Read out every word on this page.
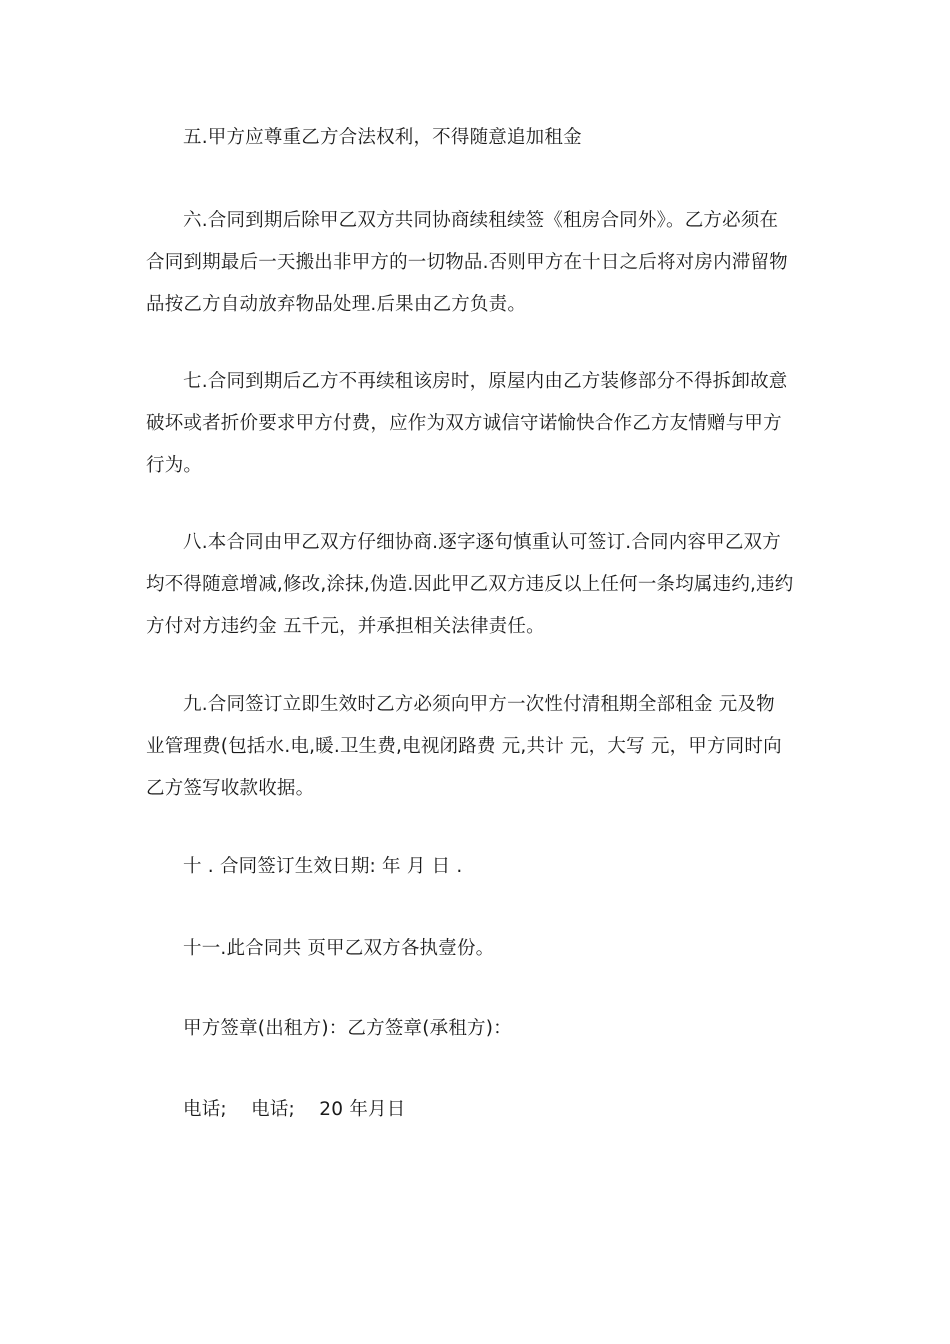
五.甲方应尊重乙方合法权利，不得随意追加租金

六.合同到期后除甲乙双方共同协商续租续签《租房合同外》。乙方必须在
合同到期最后一天搬出非甲方的一切物品.否则甲方在十日之后将对房内滞留物
品按乙方自动放弃物品处理.后果由乙方负责。

七.合同到期后乙方不再续租该房时，原屋内由乙方装修部分不得拆卸故意
破坏或者折价要求甲方付费，应作为双方诚信守诺愉快合作乙方友情赠与甲方
行为。

八.本合同由甲乙双方仔细协商.逐字逐句慎重认可签订.合同内容甲乙双方
均不得随意增减,修改,涂抹,伪造.因此甲乙双方违反以上任何一条均属违约,违约
方付对方违约金 五千元，并承担相关法律责任。

九.合同签订立即生效时乙方必须向甲方一次性付清租期全部租金 元及物
业管理费(包括水.电,暖.卫生费,电视闭路费 元,共计 元，大写 元，甲方同时向
乙方签写收款收据。

十 . 合同签订生效日期: 年 月 日 .

十一.此合同共 页甲乙双方各执壹份。

甲方签章(出租方)：乙方签章(承租方)：

电话;    电话;    20 年月日
